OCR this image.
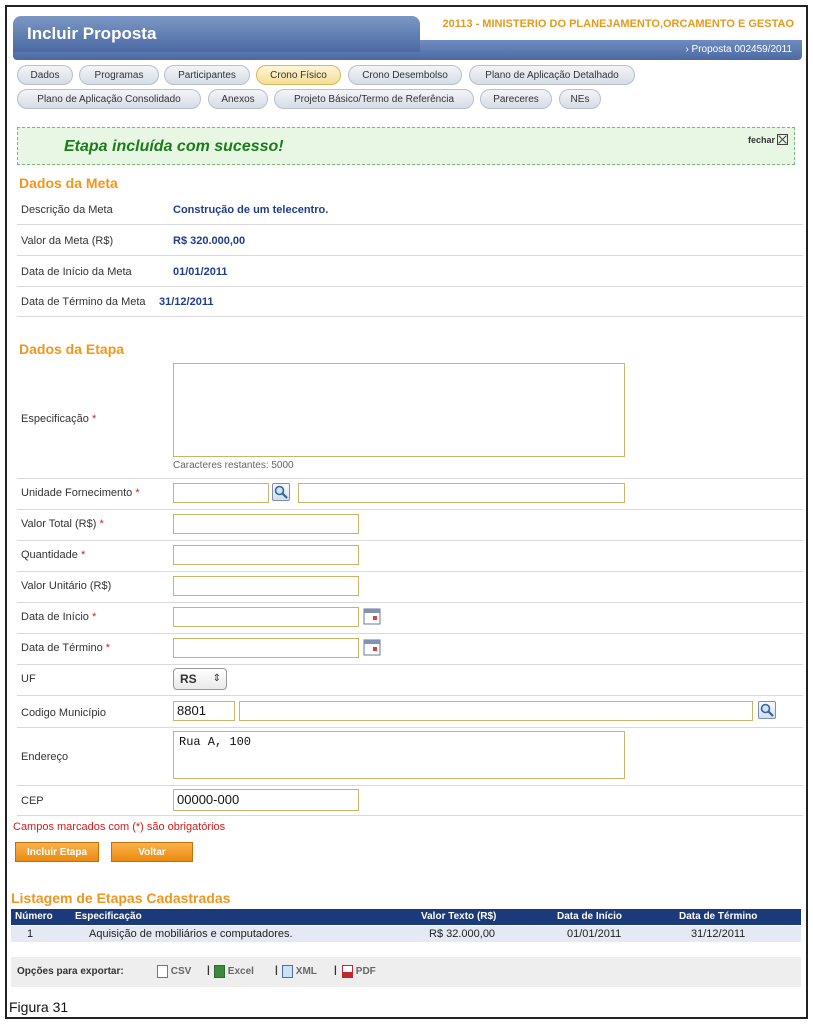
Incluir Proposta	20113 - MINISTERIO DO PLANEJAMENTO,ORCAMENTO E GESTAO
› Proposta 002459/2011
Dados	Programas	Participantes	Crono Físico	Crono Desembolso	Plano de Aplicação Detalhado
Plano de Aplicação Consolidado	Anexos	Projeto Básico/Termo de Referência	Pareceres	NEs
Etapa incluída com sucesso!	fechar
Dados da Meta
Descrição da Meta	Construção de um telecentro.
Valor da Meta (R$)	R$ 320.000,00
Data de Início da Meta	01/01/2011
Data de Término da Meta 31/12/2011
Dados da Etapa
Especificação *
Caracteres restantes: 5000
Unidade Fornecimento *
Valor Total (R$) *
Quantidade *
Valor Unitário (R$)
Data de Início *
Data de Término *
UF	RS ⇕
Codigo Município	8801
Endereço
Rua A, 100
CEP	00000-000
Campos marcados com (*) são obrigatórios
Incluir Etapa	Voltar
Listagem de Etapas Cadastradas
Número Especificação	Valor Texto (R$)	Data de Início	Data de Término
1	Aquisição de mobiliários e computadores.	R$ 32.000,00	01/01/2011	31/12/2011
Opções para exportar:	CSV |	Excel |	XML |	PDF
Figura 31
